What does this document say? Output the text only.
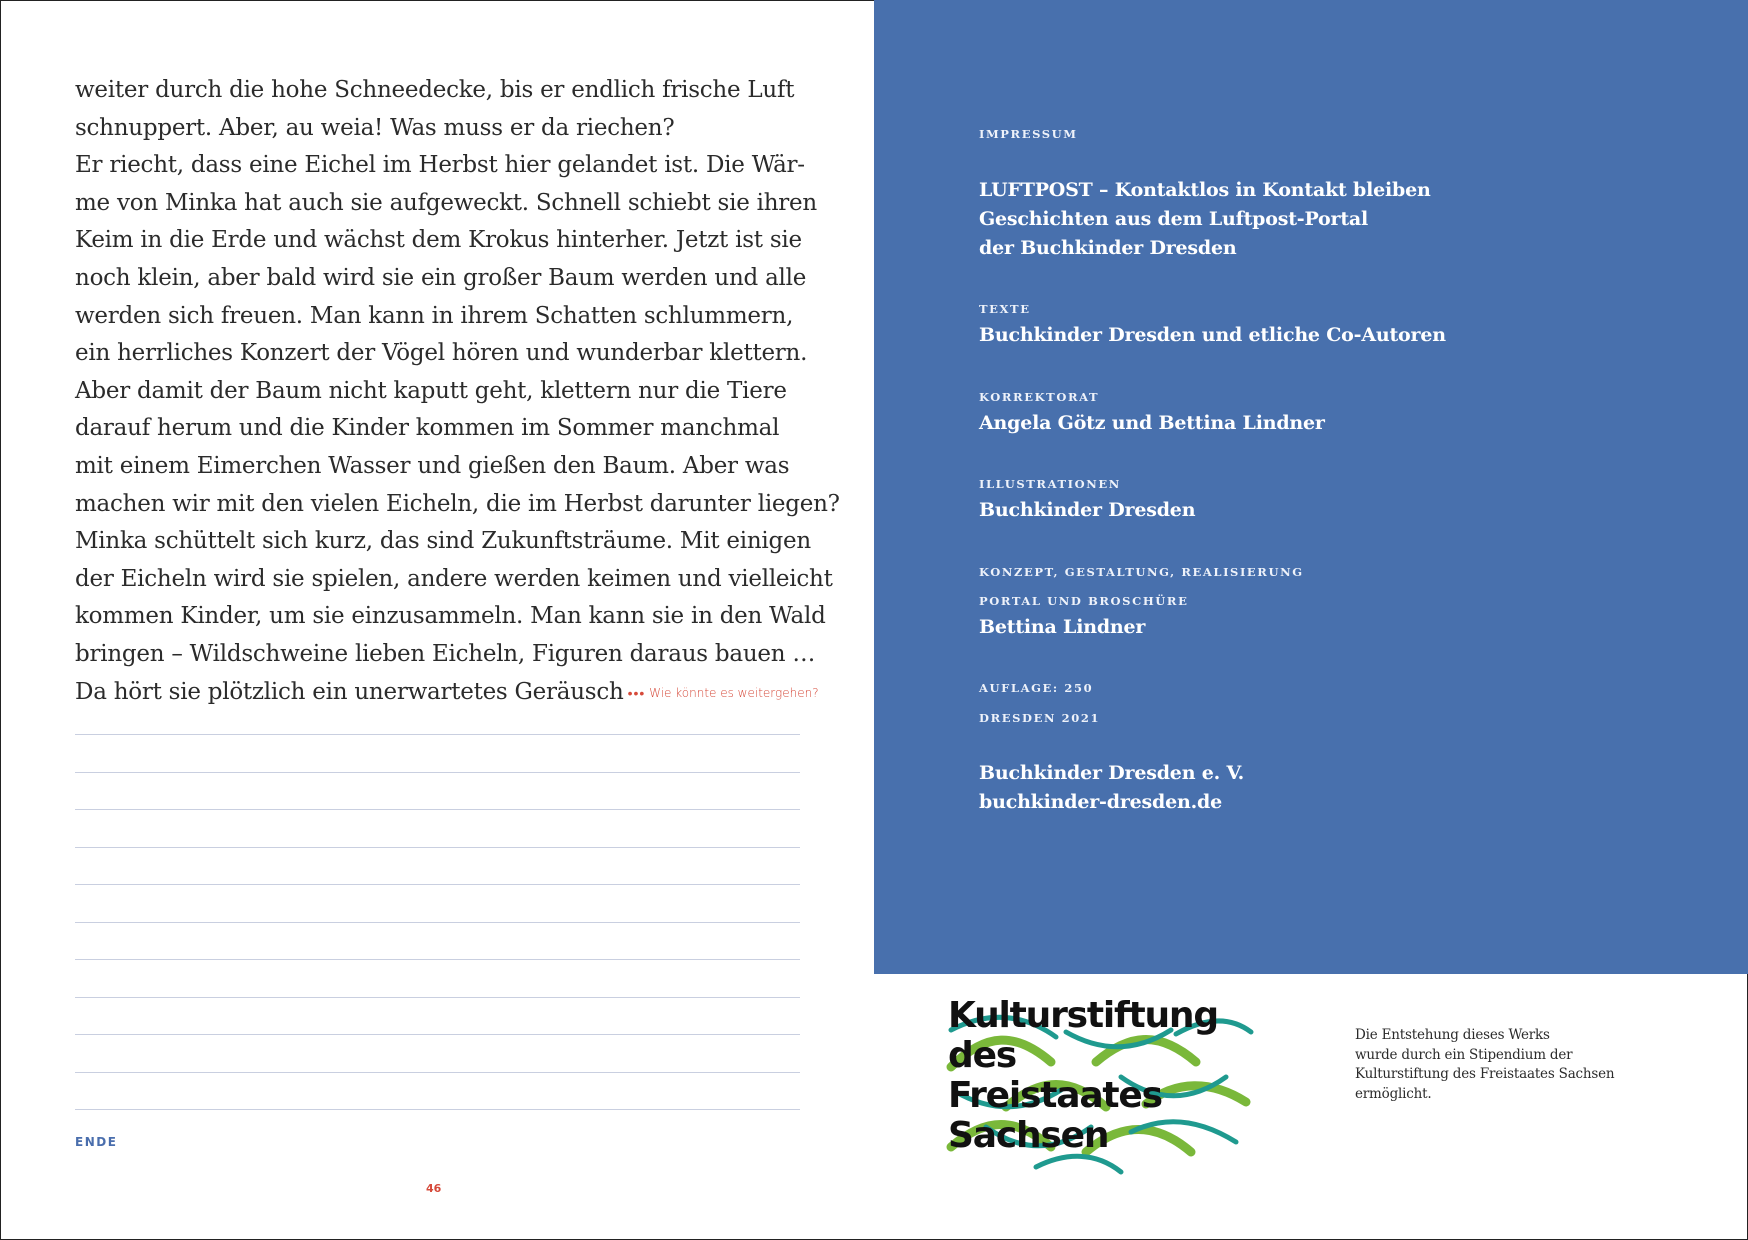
weiter durch die hohe Schneedecke, bis er endlich frische Luft
schnuppert. Aber, au weia! Was muss er da riechen?
Er riecht, dass eine Eichel im Herbst hier gelandet ist. Die Wär-
me von Minka hat auch sie aufgeweckt. Schnell schiebt sie ihren
Keim in die Erde und wächst dem Krokus hinterher. Jetzt ist sie
noch klein, aber bald wird sie ein großer Baum werden und alle
werden sich freuen. Man kann in ihrem Schatten schlummern,
ein herrliches Konzert der Vögel hören und wunderbar klettern.
Aber damit der Baum nicht kaputt geht, klettern nur die Tiere
darauf herum und die Kinder kommen im Sommer manchmal
mit einem Eimerchen Wasser und gießen den Baum. Aber was
machen wir mit den vielen Eicheln, die im Herbst darunter liegen?
Minka schüttelt sich kurz, das sind Zukunftsträume. Mit einigen
der Eicheln wird sie spielen, andere werden keimen und vielleicht
kommen Kinder, um sie einzusammeln. Man kann sie in den Wald
bringen – Wildschweine lieben Eicheln, Figuren daraus bauen …
Da hört sie plötzlich ein unerwartetes Geräusch ••• Wie könnte es weitergehen?
ENDE
46
IMPRESSUM
LUFTPOST – Kontaktlos in Kontakt bleiben
Geschichten aus dem Luftpost-Portal
der Buchkinder Dresden
TEXTE
Buchkinder Dresden und etliche Co-Autoren
KORREKTORAT
Angela Götz und Bettina Lindner
ILLUSTRATIONEN
Buchkinder Dresden
KONZEPT, GESTALTUNG, REALISIERUNG
PORTAL UND BROSCHÜRE
Bettina Lindner
AUFLAGE: 250
DRESDEN 2021
Buchkinder Dresden e. V.
buchkinder-dresden.de
Kulturstiftung
des
Freistaates
Sachsen
Die Entstehung dieses Werks
wurde durch ein Stipendium der
Kulturstiftung des Freistaates Sachsen
ermöglicht.
